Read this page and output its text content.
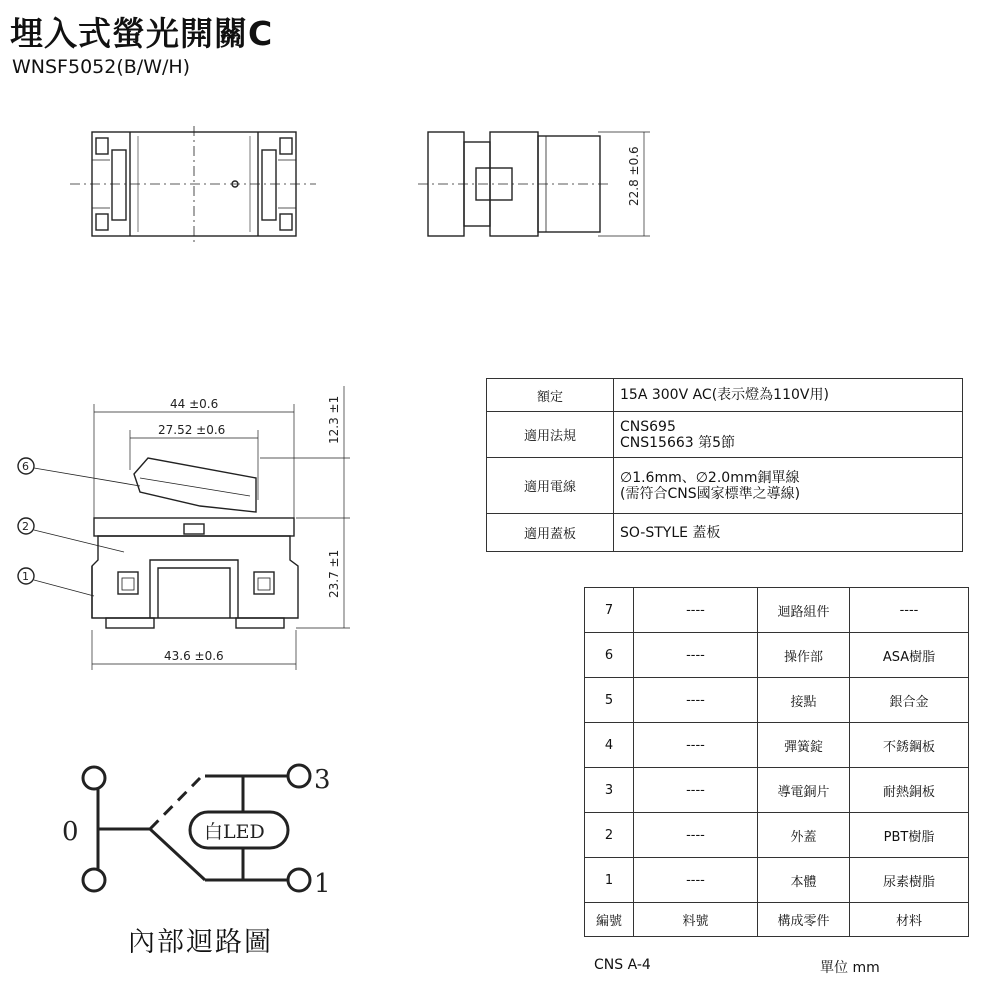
埋入式螢光開關C
WNSF5052(B/W/H)
22.8 ±0.6
44 ±0.6
27.52 ±0.6
43.6 ±0.6
12.3 ±1
23.7 ±1
6
2
1
0
3
1
白LED
額定	15A 300V AC(表示燈為110V用)
適用法規	CNS695
CNS15663 第5節

適用電線	∅1.6mm、∅2.0mm銅單線
(需符合CNS國家標準之導線)

適用蓋板	SO-STYLE 蓋板
7	----	迴路組件	----
6	----	操作部	ASA樹脂
5	----	接點	銀合金
4	----	彈簧錠	不銹鋼板
3	----	導電銅片	耐熱銅板
2	----	外蓋	PBT樹脂
1	----	本體	尿素樹脂
編號	料號	構成零件	材料
CNS A-4	單位 mm
內部迴路圖
